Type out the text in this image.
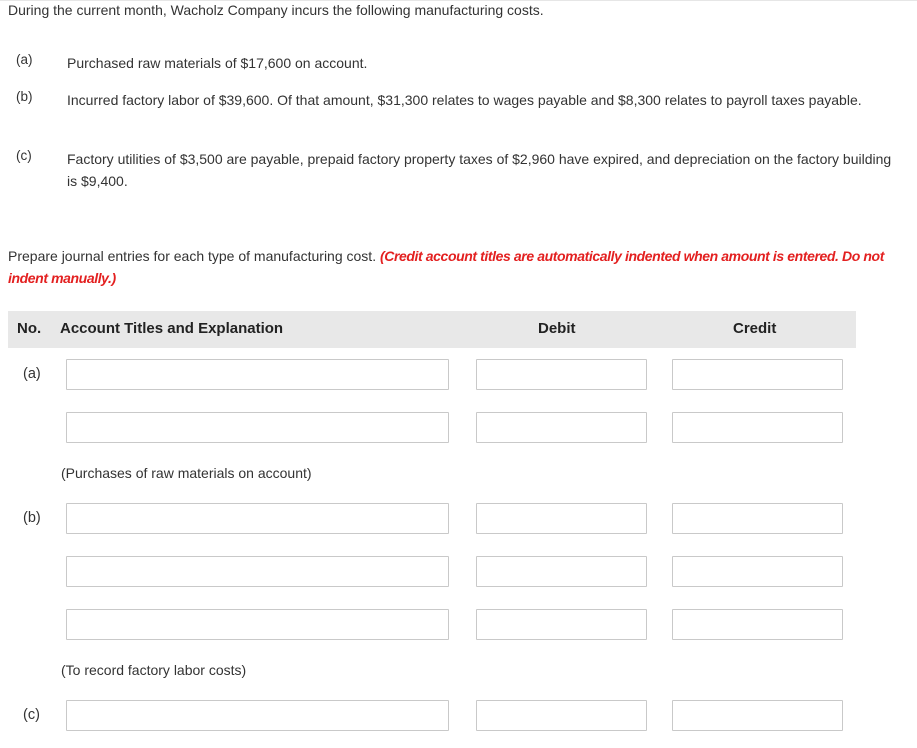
During the current month, Wacholz Company incurs the following manufacturing costs.
(a) Purchased raw materials of $17,600 on account.
(b) Incurred factory labor of $39,600. Of that amount, $31,300 relates to wages payable and $8,300 relates to payroll taxes payable.
(c)	Factory utilities of $3,500 are payable, prepaid factory property taxes of $2,960 have expired, and depreciation on the factory building is $9,400.
Prepare journal entries for each type of manufacturing cost. (Credit account titles are automatically indented when amount is entered. Do not indent manually.)
No. Account Titles and Explanation	Debit	Credit
(a)
(Purchases of raw materials on account)
(b)
(To record factory labor costs)
(c)
